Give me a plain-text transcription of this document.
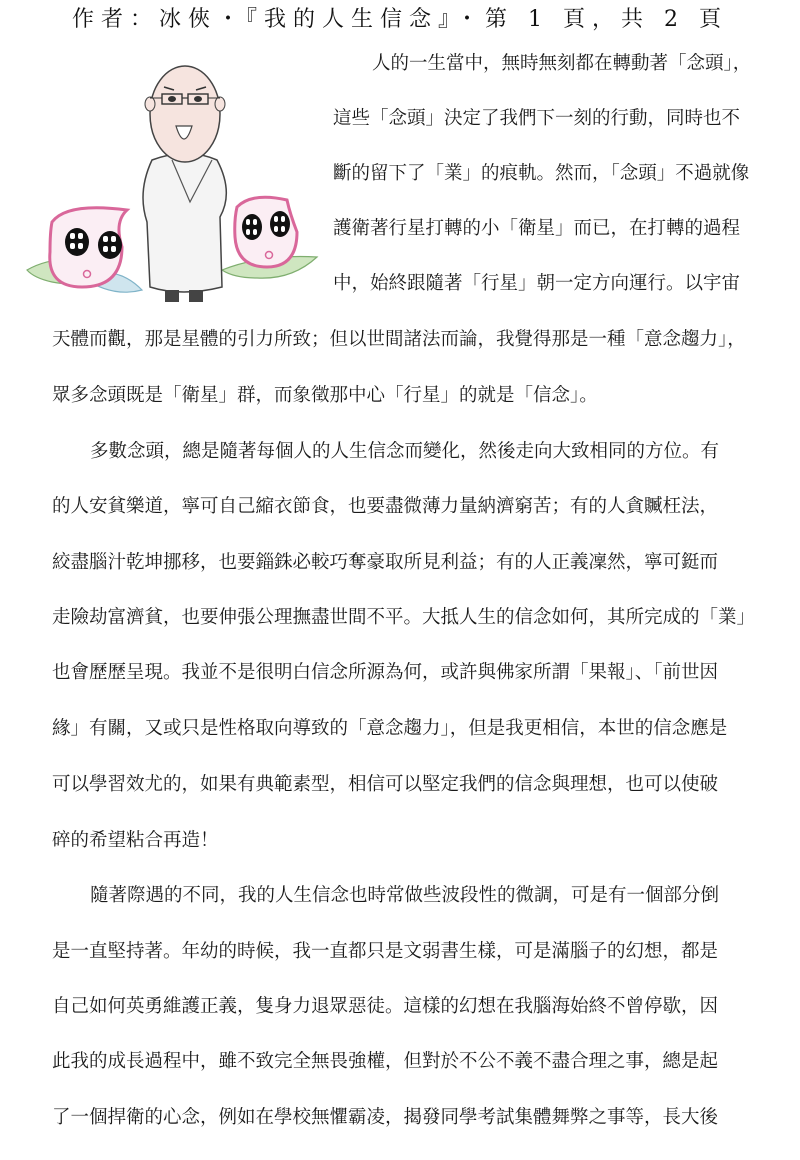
作者：冰俠・『我的人生信念』・第 1 頁，共 2 頁
人的一生當中，無時無刻都在轉動著「念頭」，
這些「念頭」決定了我們下一刻的行動，同時也不
斷的留下了「業」的痕軌。然而，「念頭」不過就像
護衛著行星打轉的小「衛星」而已，在打轉的過程
中，始終跟隨著「行星」朝一定方向運行。以宇宙
天體而觀，那是星體的引力所致；但以世間諸法而論，我覺得那是一種「意念趨力」，
眾多念頭既是「衛星」群，而象徵那中心「行星」的就是「信念」。
多數念頭，總是隨著每個人的人生信念而變化，然後走向大致相同的方位。有
的人安貧樂道，寧可自己縮衣節食，也要盡微薄力量納濟窮苦；有的人貪贓枉法，
絞盡腦汁乾坤挪移，也要錙銖必較巧奪豪取所見利益；有的人正義凜然，寧可鋌而
走險劫富濟貧，也要伸張公理撫盡世間不平。大抵人生的信念如何，其所完成的「業」
也會歷歷呈現。我並不是很明白信念所源為何，或許與佛家所謂「果報」、「前世因
緣」有關，又或只是性格取向導致的「意念趨力」，但是我更相信，本世的信念應是
可以學習效尤的，如果有典範素型，相信可以堅定我們的信念與理想，也可以使破
碎的希望粘合再造！
隨著際遇的不同，我的人生信念也時常做些波段性的微調，可是有一個部分倒
是一直堅持著。年幼的時候，我一直都只是文弱書生樣，可是滿腦子的幻想，都是
自己如何英勇維護正義，隻身力退眾惡徒。這樣的幻想在我腦海始終不曾停歇，因
此我的成長過程中，雖不致完全無畏強權，但對於不公不義不盡合理之事，總是起
了一個捍衛的心念，例如在學校無懼霸凌，揭發同學考試集體舞弊之事等，長大後
